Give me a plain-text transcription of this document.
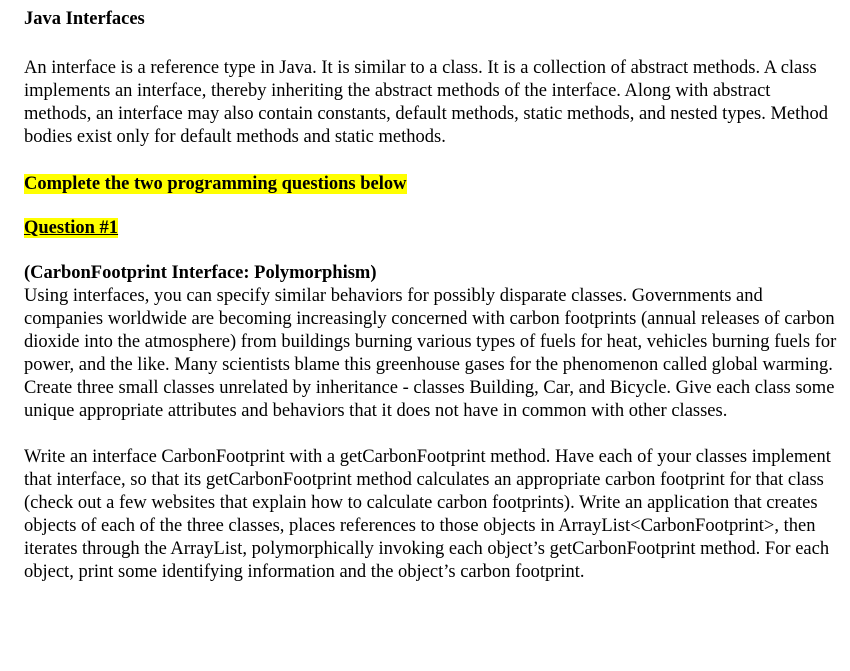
Java Interfaces

An interface is a reference type in Java. It is similar to a class. It is a collection of abstract methods. A class implements an interface, thereby inheriting the abstract methods of the interface. Along with abstract methods, an interface may also contain constants, default methods, static methods, and nested types. Method bodies exist only for default methods and static methods.

Complete the two programming questions below
Question #1
(CarbonFootprint Interface: Polymorphism)

Using interfaces, you can specify similar behaviors for possibly disparate classes. Governments and companies worldwide are becoming increasingly concerned with carbon footprints (annual releases of carbon dioxide into the atmosphere) from buildings burning various types of fuels for heat, vehicles burning fuels for power, and the like. Many scientists blame this greenhouse gases for the phenomenon called global warming. Create three small classes unrelated by inheritance - classes Building, Car, and Bicycle. Give each class some unique appropriate attributes and behaviors that it does not have in common with other classes.

Write an interface CarbonFootprint with a getCarbonFootprint method. Have each of your classes implement that interface, so that its getCarbonFootprint method calculates an appropriate carbon footprint for that class (check out a few websites that explain how to calculate carbon footprints). Write an application that creates objects of each of the three classes, places references to those objects in ArrayList<CarbonFootprint>, then iterates through the ArrayList, polymorphically invoking each object’s getCarbonFootprint method. For each object, print some identifying information and the object’s carbon footprint.
